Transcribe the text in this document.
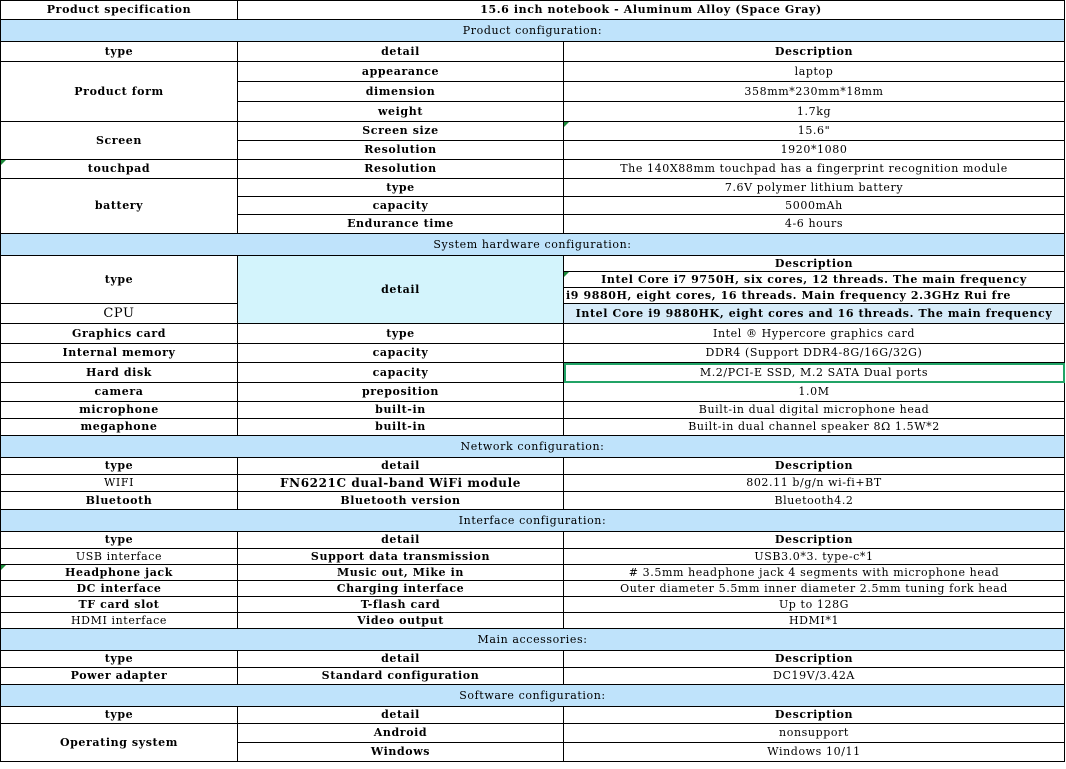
Product specification	15.6 inch notebook - Aluminum Alloy (Space Gray)	
Product configuration:		
type	detail	Description
Product form	appearance	laptop
	dimension	358mm*230mm*18mm
	weight	1.7kg
Screen	Screen size	15.6"
	Resolution	1920*1080
touchpad	Resolution	The 140X88mm touchpad has a fingerprint recognition module
battery	type	7.6V polymer lithium battery
	capacity	5000mAh
	Endurance time	4-6 hours
System hardware configuration:		
type	detail	Description
		Intel Core i7 9750H, six cores, 12 threads. The main frequency
		i9 9880H, eight cores, 16 threads. Main frequency 2.3GHz Rui fre
CPU		Intel Core i9 9880HK, eight cores and 16 threads. The main frequency
Graphics card	type	Intel ® Hypercore graphics card
Internal memory	capacity	DDR4 (Support DDR4-8G/16G/32G)
Hard disk	capacity	M.2/PCI-E SSD, M.2 SATA Dual ports
camera	preposition	1.0M
microphone	built-in	Built-in dual digital microphone head
megaphone	built-in	Built-in dual channel speaker 8Ω 1.5W*2
Network configuration:		
type	detail	Description
WIFI	FN6221C dual-band WiFi module	802.11 b/g/n wi-fi+BT
Bluetooth	Bluetooth version	Bluetooth4.2
Interface configuration:		
type	detail	Description
USB interface	Support data transmission	USB3.0*3. type-c*1
Headphone jack	Music out, Mike in	# 3.5mm headphone jack 4 segments with microphone head
DC interface	Charging interface	Outer diameter 5.5mm inner diameter 2.5mm tuning fork head
TF card slot	T-flash card	Up to 128G
HDMI interface	Video output	HDMI*1
Main accessories:		
type	detail	Description
Power adapter	Standard configuration	DC19V/3.42A
Software configuration:		
type	detail	Description
Operating system	Android	nonsupport
	Windows	Windows 10/11
